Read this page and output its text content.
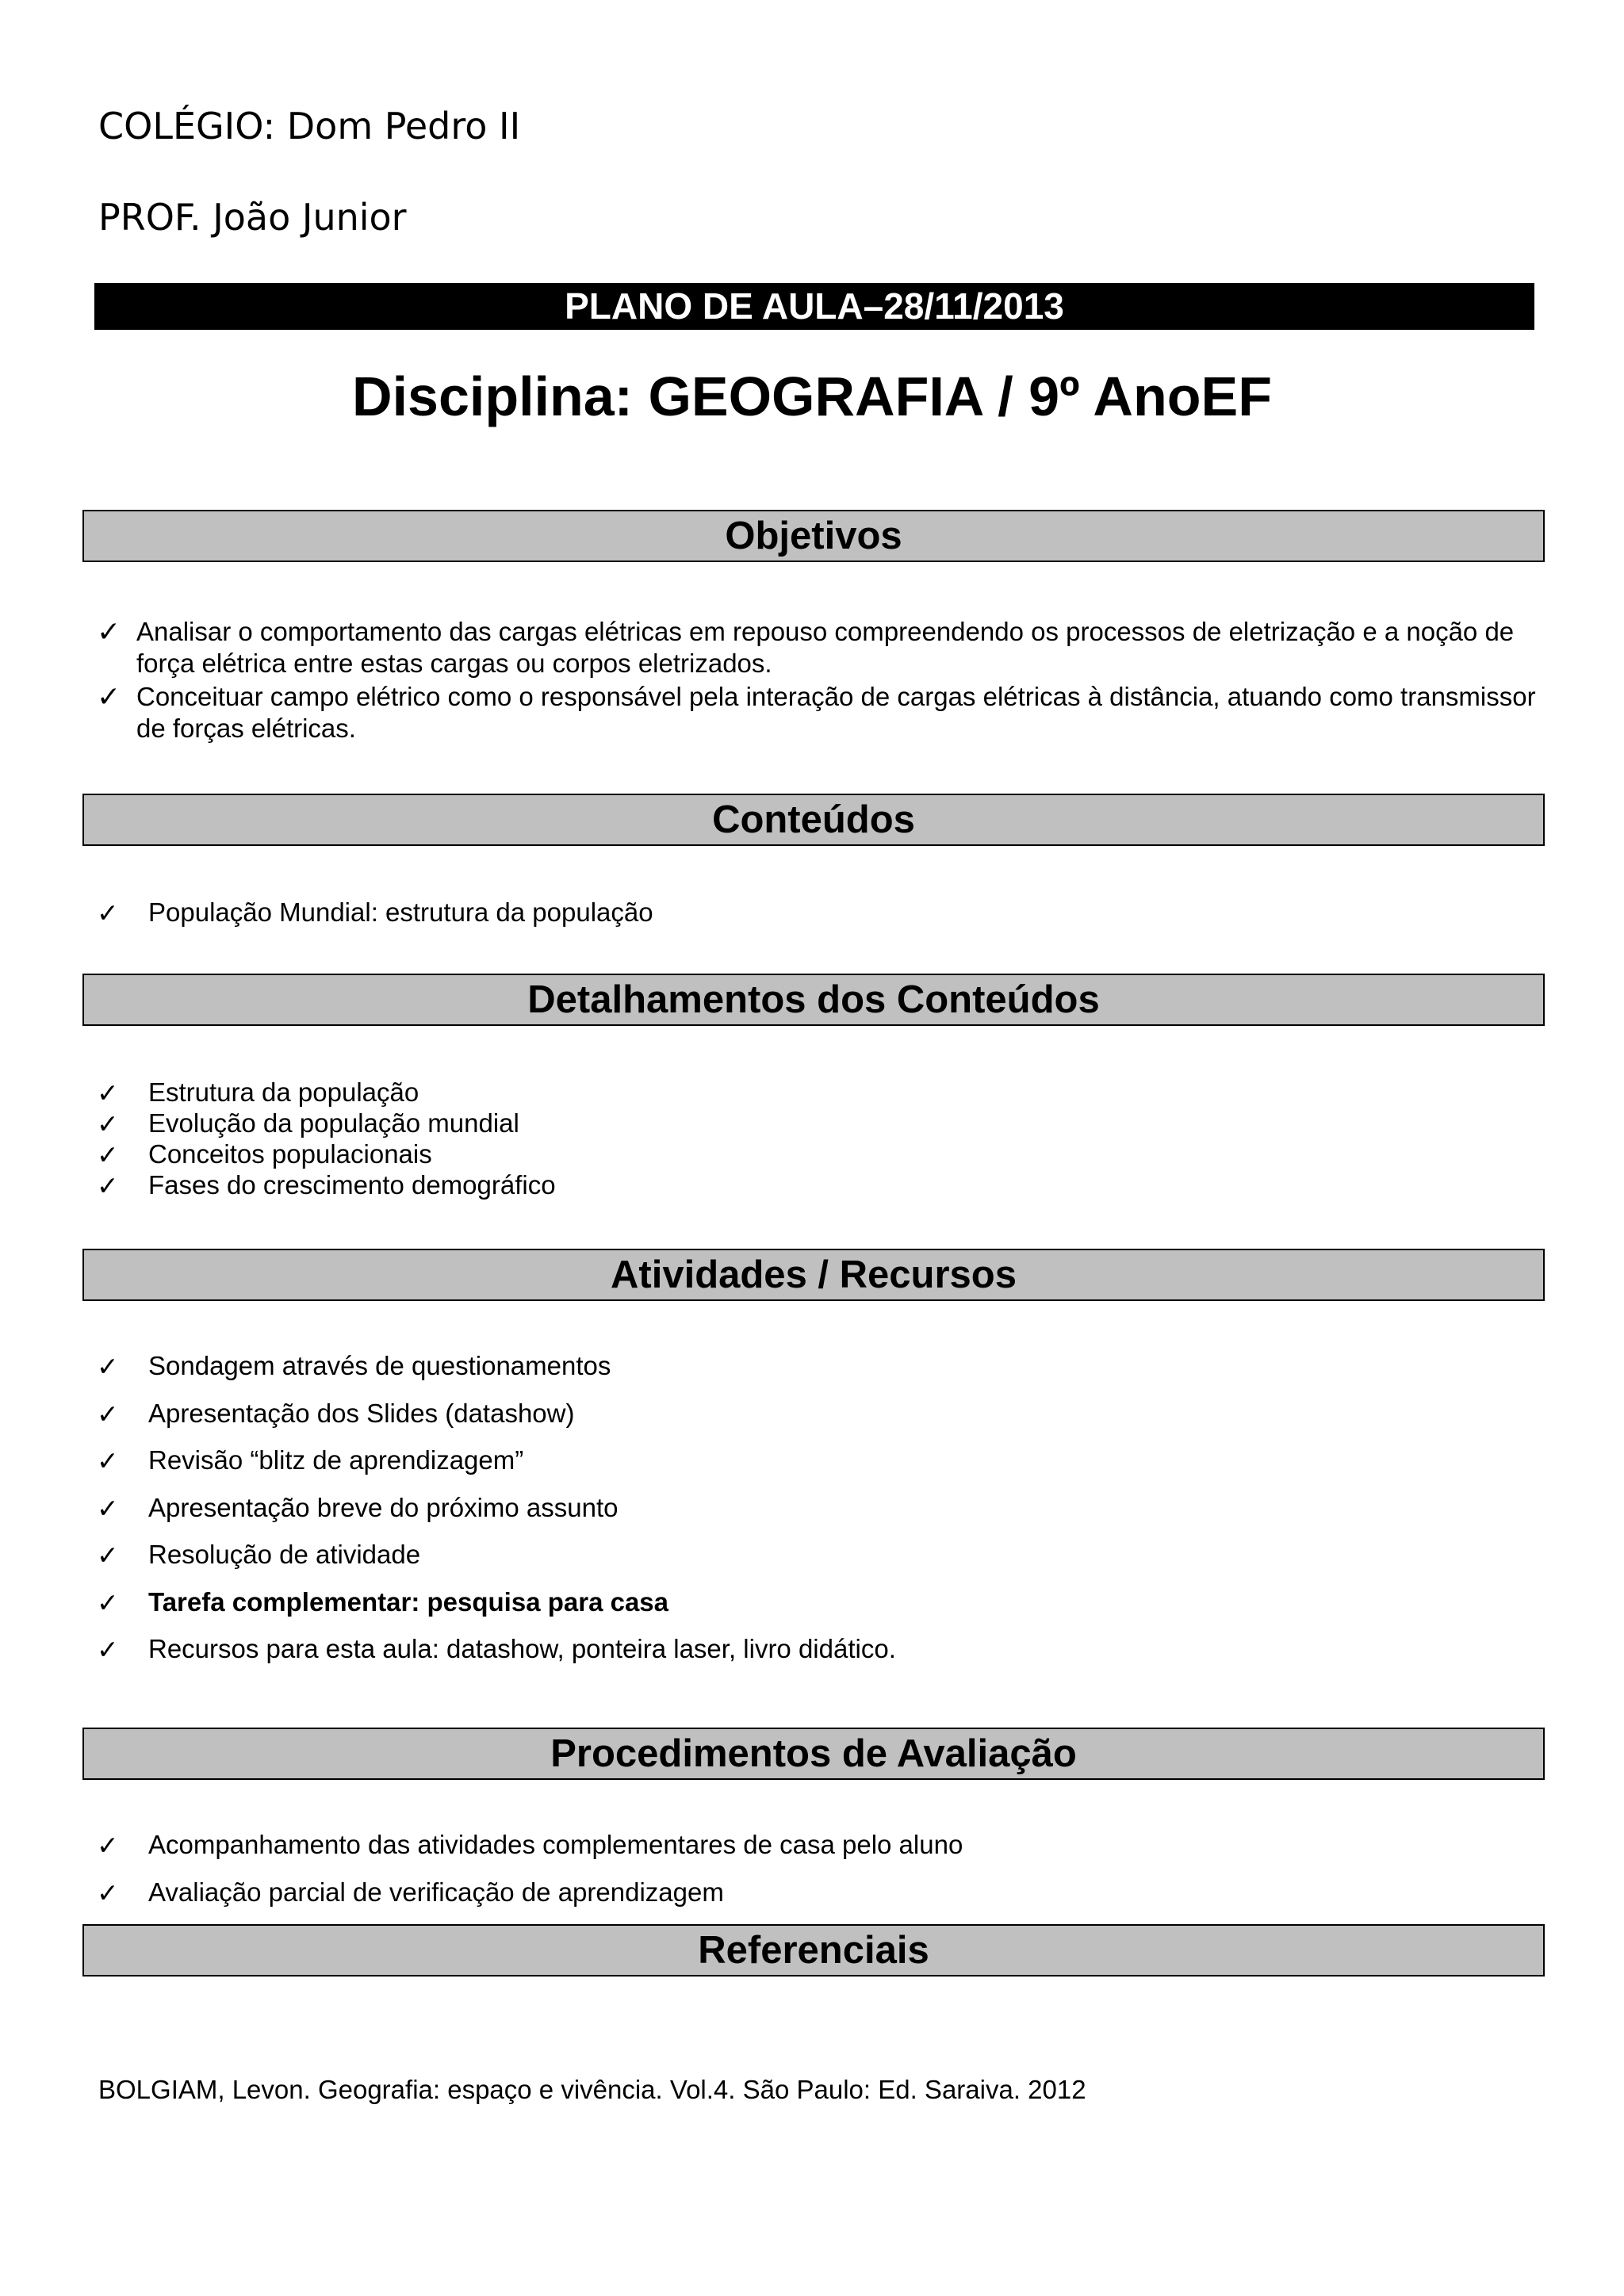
COLÉGIO: Dom Pedro II
PROF. João Junior
PLANO DE AULA–28/11/2013
Disciplina: GEOGRAFIA / 9º AnoEF
Objetivos
✓ Analisar o comportamento das cargas elétricas em repouso compreendendo os processos de eletrização e a noção de força elétrica entre estas cargas ou corpos eletrizados.
✓ Conceituar campo elétrico como o responsável pela interação de cargas elétricas à distância, atuando como transmissor de forças elétricas.
Conteúdos
✓ População Mundial: estrutura da população
Detalhamentos dos Conteúdos
✓ Estrutura da população
✓ Evolução da população mundial
✓ Conceitos populacionais
✓ Fases do crescimento demográfico
Atividades / Recursos
✓ Sondagem através de questionamentos
✓ Apresentação dos Slides (datashow)
✓ Revisão “blitz de aprendizagem”
✓ Apresentação breve do próximo assunto
✓ Resolução de atividade
✓ Tarefa complementar: pesquisa para casa
✓ Recursos para esta aula: datashow, ponteira laser, livro didático.
Procedimentos de Avaliação
✓ Acompanhamento das atividades complementares de casa pelo aluno
✓ Avaliação parcial de verificação de aprendizagem
Referenciais
BOLGIAM, Levon. Geografia: espaço e vivência. Vol.4. São Paulo: Ed. Saraiva. 2012
